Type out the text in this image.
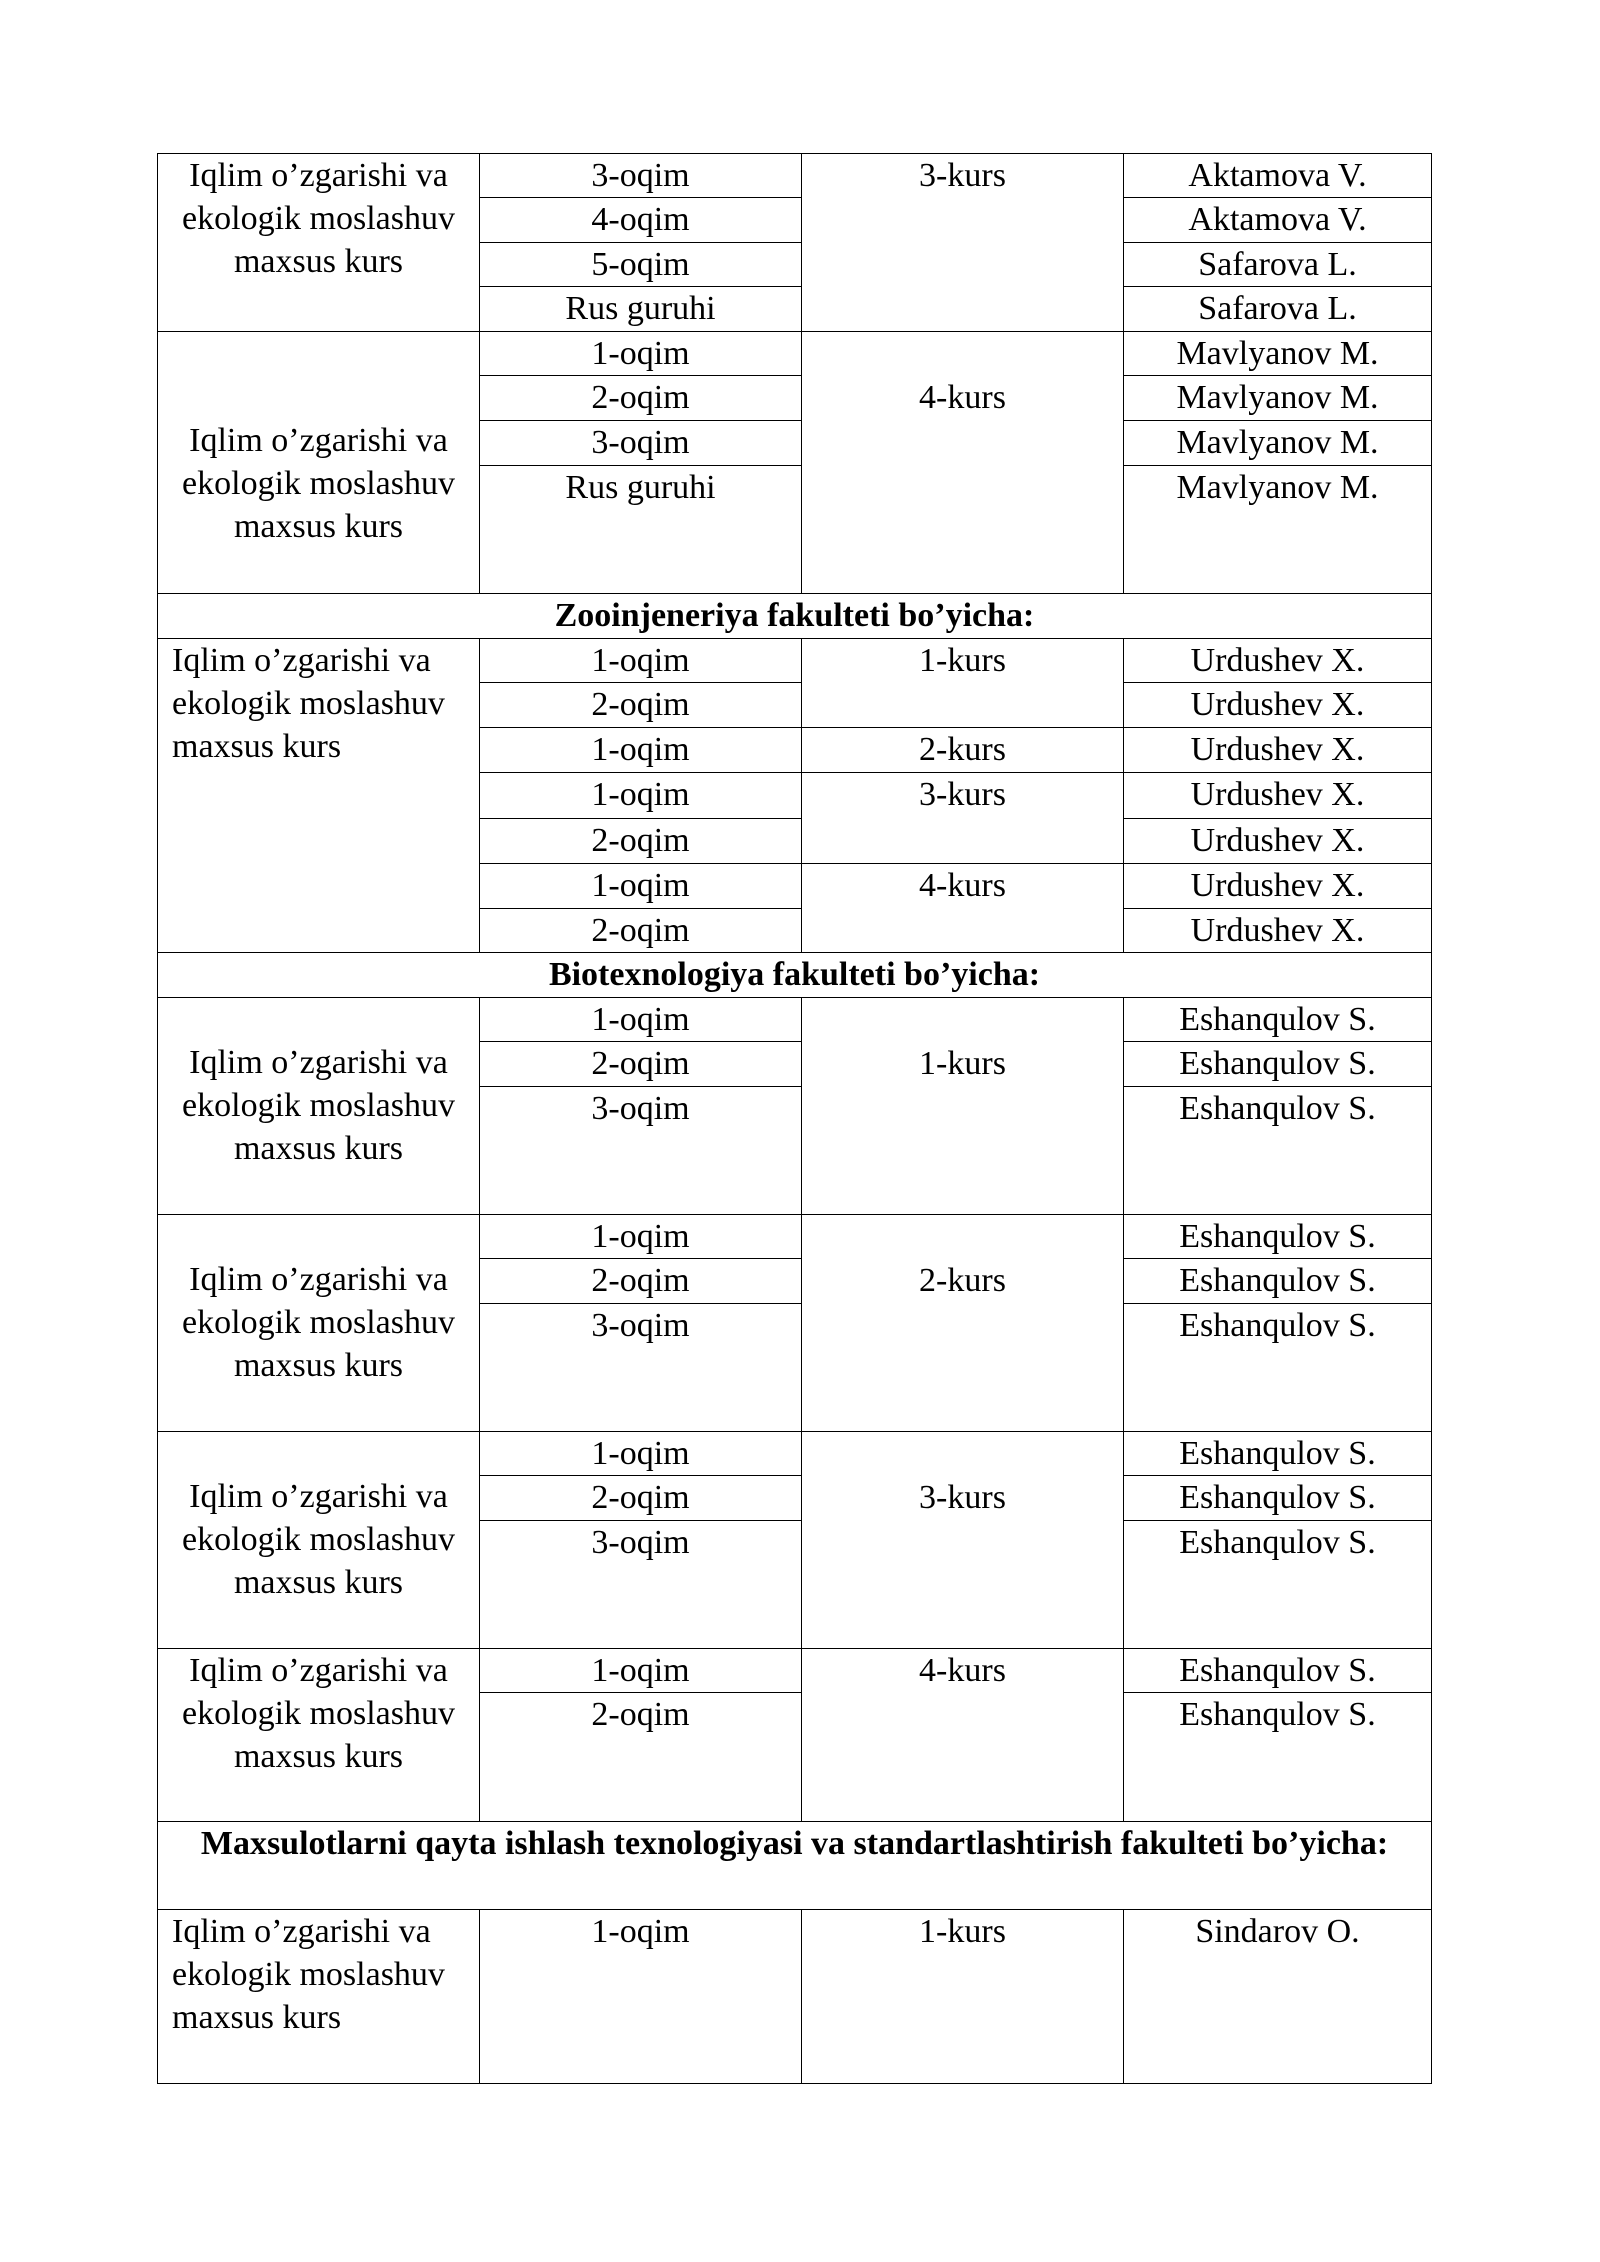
Iqlim o’zgarishi va ekologik moslashuv maxsus kurs	3-oqim	3-kurs	Aktamova V.
	4-oqim		Aktamova V.
	5-oqim		Safarova L.
	Rus guruhi		Safarova L.
Iqlim o’zgarishi va ekologik moslashuv maxsus kurs	1-oqim	4-kurs	Mavlyanov M.
	2-oqim		Mavlyanov M.
	3-oqim		Mavlyanov M.
	Rus guruhi		Mavlyanov M.
Zooinjeneriya fakulteti bo’yicha:			
Iqlim o’zgarishi va ekologik moslashuv maxsus kurs	1-oqim	1-kurs	Urdushev X.
	2-oqim		Urdushev X.
	1-oqim	2-kurs	Urdushev X.
	1-oqim	3-kurs	Urdushev X.
	2-oqim		Urdushev X.
	1-oqim	4-kurs	Urdushev X.
	2-oqim		Urdushev X.
Biotexnologiya fakulteti bo’yicha:			
Iqlim o’zgarishi va ekologik moslashuv maxsus kurs	1-oqim	1-kurs	Eshanqulov S.
	2-oqim		Eshanqulov S.
	3-oqim		Eshanqulov S.
Iqlim o’zgarishi va ekologik moslashuv maxsus kurs	1-oqim	2-kurs	Eshanqulov S.
	2-oqim		Eshanqulov S.
	3-oqim		Eshanqulov S.
Iqlim o’zgarishi va ekologik moslashuv maxsus kurs	1-oqim	3-kurs	Eshanqulov S.
	2-oqim		Eshanqulov S.
	3-oqim		Eshanqulov S.
Iqlim o’zgarishi va ekologik moslashuv maxsus kurs	1-oqim	4-kurs	Eshanqulov S.
	2-oqim		Eshanqulov S.
Maxsulotlarni qayta ishlash texnologiyasi va standartlashtirish fakulteti bo’yicha:			
Iqlim o’zgarishi va ekologik moslashuv maxsus kurs	1-oqim	1-kurs	Sindarov O.
